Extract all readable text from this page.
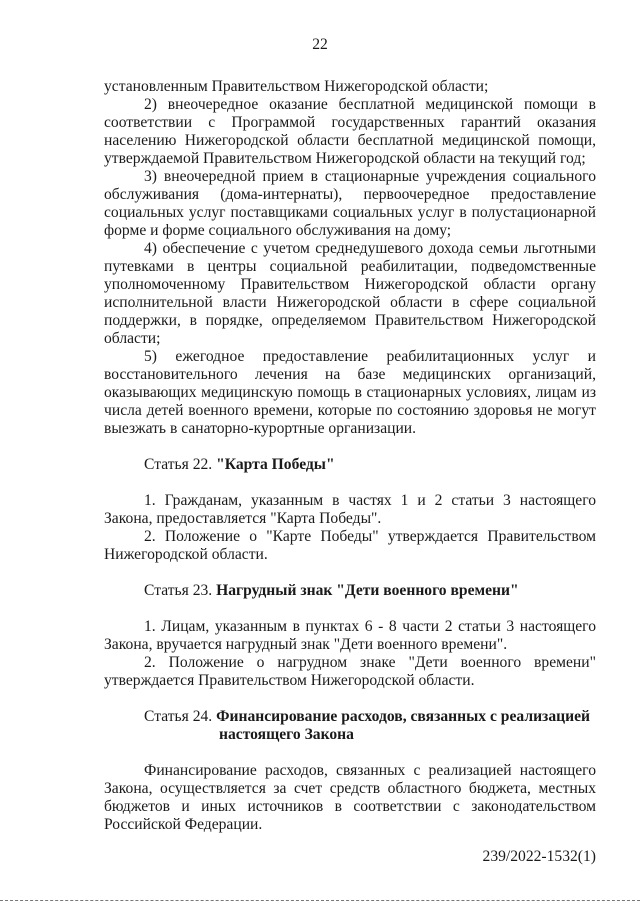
22

установленным Правительством Нижегородской области;

2) внеочередное оказание бесплатной медицинской помощи в соответствии с Программой государственных гарантий оказания населению Нижегородской области бесплатной медицинской помощи, утверждаемой Правительством Нижегородской области на текущий год;

3) внеочередной прием в стационарные учреждения социального обслуживания (дома-интернаты), первоочередное предоставление социальных услуг поставщиками социальных услуг в полустационарной форме и форме социального обслуживания на дому;

4) обеспечение с учетом среднедушевого дохода семьи льготными путевками в центры социальной реабилитации, подведомственные уполномоченному Правительством Нижегородской области органу исполнительной власти Нижегородской области в сфере социальной поддержки, в порядке, определяемом Правительством Нижегородской области;

5) ежегодное предоставление реабилитационных услуг и восстановительного лечения на базе медицинских организаций, оказывающих медицинскую помощь в стационарных условиях, лицам из числа детей военного времени, которые по состоянию здоровья не могут выезжать в санаторно-курортные организации.

Статья 22. "Карта Победы"

1. Гражданам, указанным в частях 1 и 2 статьи 3 настоящего Закона, предоставляется "Карта Победы".

2. Положение о "Карте Победы" утверждается Правительством Нижегородской области.

Статья 23. Нагрудный знак "Дети военного времени"

1. Лицам, указанным в пунктах 6 - 8 части 2 статьи 3 настоящего Закона, вручается нагрудный знак "Дети военного времени".

2. Положение о нагрудном знаке "Дети военного времени" утверждается Правительством Нижегородской области.

Статья 24. Финансирование расходов, связанных с реализацией
настоящего Закона

Финансирование расходов, связанных с реализацией настоящего Закона, осуществляется за счет средств областного бюджета, местных бюджетов и иных источников в соответствии с законодательством Российской Федерации.

239/2022-1532(1)
